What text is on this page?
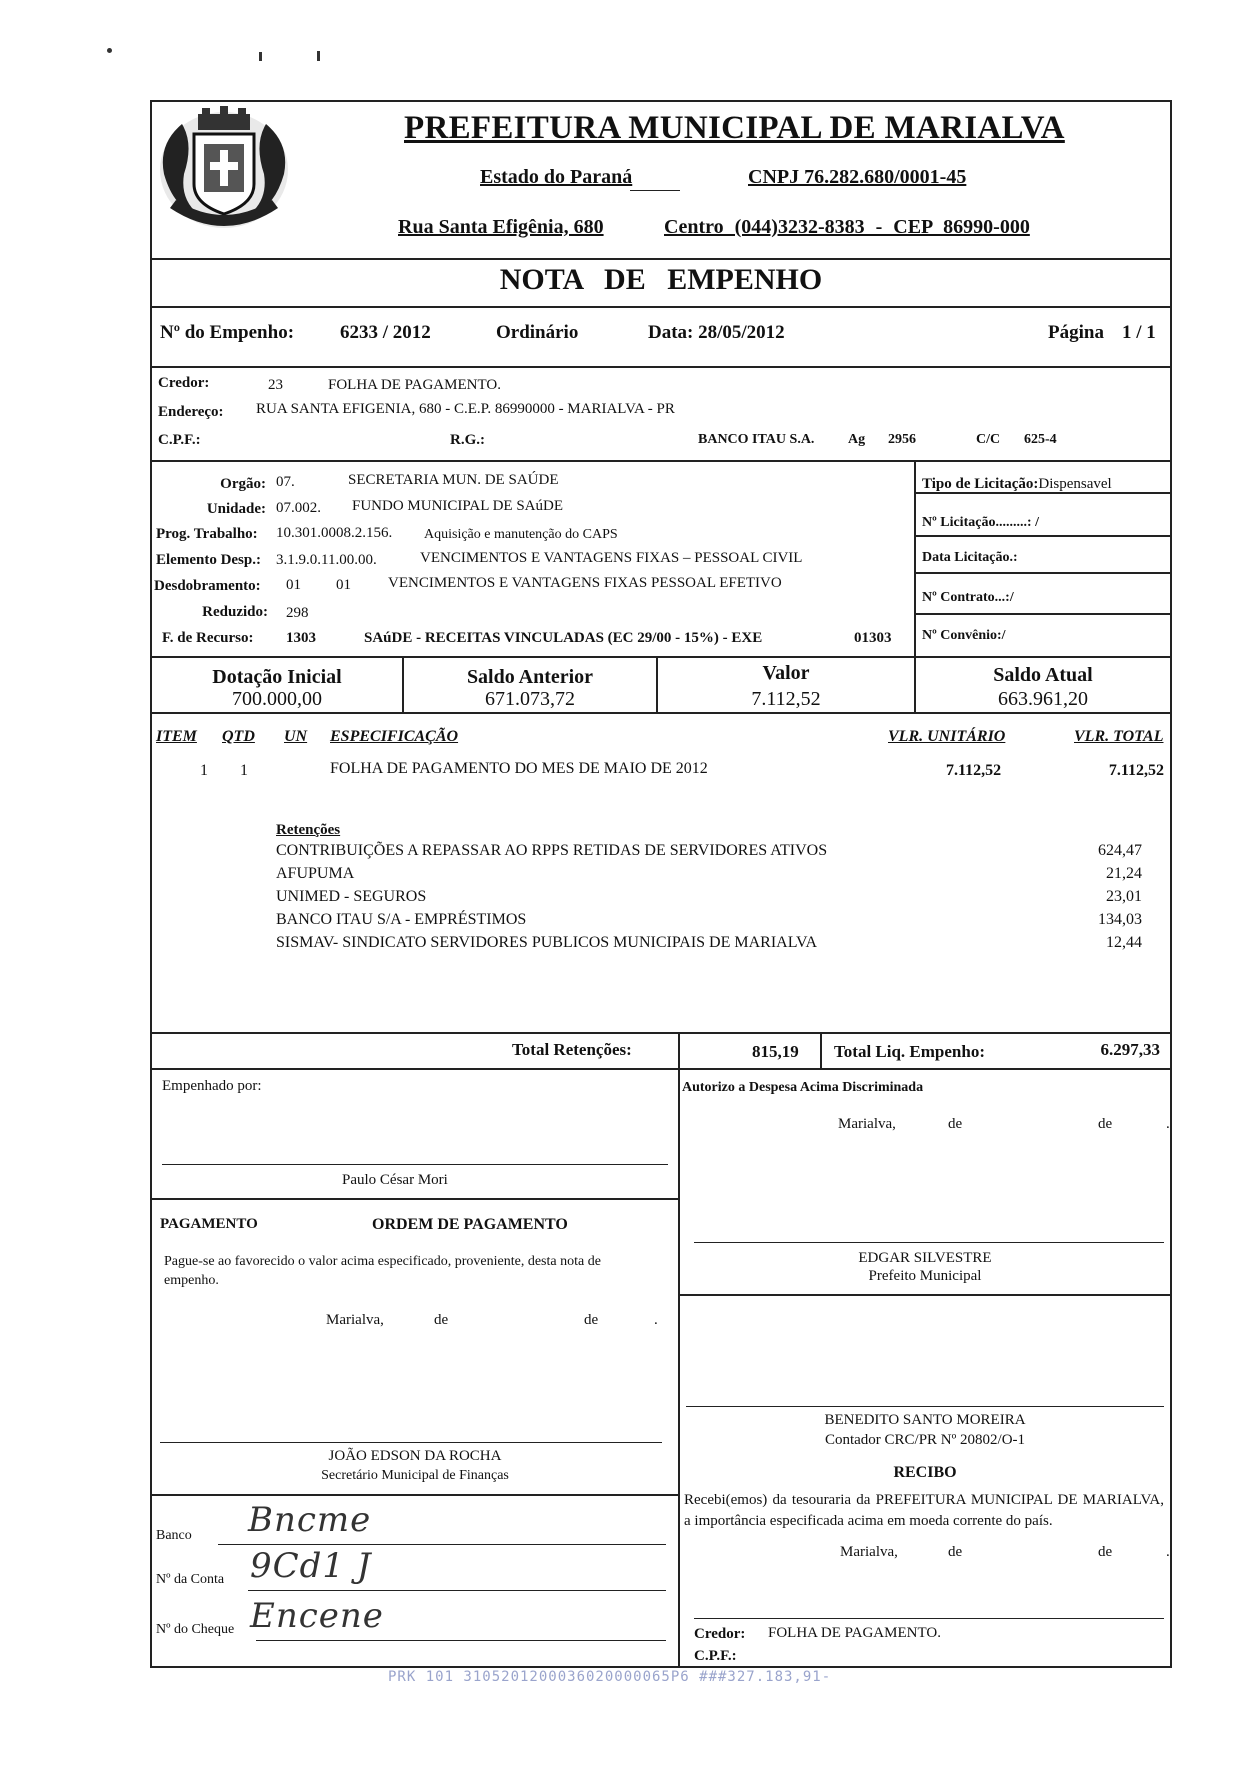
PREFEITURA MUNICIPAL DE MARIALVA
Estado do Paraná	CNPJ 76.282.680/0001-45
Rua Santa Efigênia, 680	Centro (044)3232-8383 - CEP 86990-000
NOTA DE EMPENHO
Nº do Empenho: 6233 / 2012	Ordinário	Data: 28/05/2012	Página 1 / 1
Credor:	23	FOLHA DE PAGAMENTO.
Endereço: RUA SANTA EFIGENIA, 680 - C.E.P. 86990000 - MARIALVA - PR
C.P.F.:	R.G.:	BANCO ITAU S.A. Ag 2956	C/C 625-4
Orgão: 07.	SECRETARIA MUN. DE SAÚDE
Unidade: 07.002. FUNDO MUNICIPAL DE SAúDE
Prog. Trabalho: 10.301.0008.2.156. Aquisição e manutenção do CAPS
Elemento Desp.: 3.1.9.0.11.00.00.	VENCIMENTOS E VANTAGENS FIXAS – PESSOAL CIVIL
Desdobramento: 01 01 VENCIMENTOS E VANTAGENS FIXAS PESSOAL EFETIVO
Reduzido: 298
F. de Recurso: 1303	SAúDE - RECEITAS VINCULADAS (EC 29/00 - 15%) - EXE	01303
Tipo de Licitação:Dispensavel
Nº Licitação.........: /
Data Licitação.:
Nº Contrato...:/
Nº Convênio:/
Dotação Inicial
700.000,00
Saldo Anterior
671.073,72
Valor
7.112,52
Saldo Atual
663.961,20
ITEM QTD UN ESPECIFICAÇÃO	VLR. UNITÁRIO	VLR. TOTAL
1 1	FOLHA DE PAGAMENTO DO MES DE MAIO DE 2012	7.112,52	7.112,52
Retenções
Total Retenções:	815,19 Total Liq. Empenho:	6.297,33
Empenhado por:
Paulo César Mori
PAGAMENTO	ORDEM DE PAGAMENTO
Pague-se ao favorecido o valor acima especificado, proveniente, desta nota de empenho.
Marialva,	de	de	.
JOÃO EDSON DA ROCHA
Secretário Municipal de Finanças
Banco Bncme
Nº da Conta 9Cd1 J
Nº do Cheque Encene
Autorizo a Despesa Acima Discriminada
Marialva,	de	de	.
EDGAR SILVESTRE
Prefeito Municipal
BENEDITO SANTO MOREIRA
Contador CRC/PR Nº 20802/O-1
RECIBO
Recebi(emos) da tesouraria da PREFEITURA MUNICIPAL DE MARIALVA, a importância especificada acima em moeda corrente do país.
Marialva,	de	de	.
Credor: FOLHA DE PAGAMENTO.
C.P.F.:
CONTRIBUIÇÕES A REPASSAR AO RPPS RETIDAS DE SERVIDORES ATIVOS	624,47
AFUPUMA	21,24
UNIMED - SEGUROS	23,01
BANCO ITAU S/A - EMPRÉSTIMOS	134,03
SISMAV- SINDICATO SERVIDORES PUBLICOS MUNICIPAIS DE MARIALVA	12,44
PRK 101 3105201200036020000065P6 ###327.183,91-
